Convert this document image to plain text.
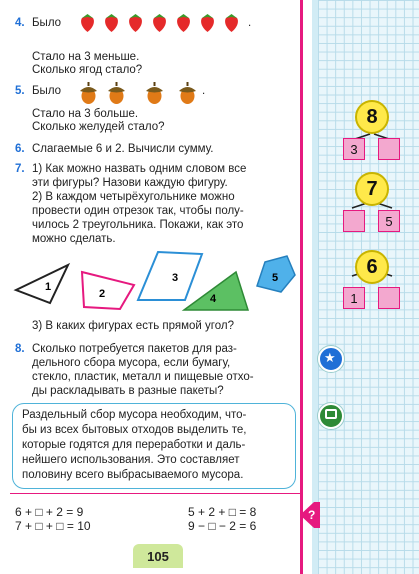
4. Было	.
Стало на 3 меньше.
Сколько ягод стало?
5. Было	.
Стало на 3 больше.
Сколько желудей стало?
6. Слагаемые 6 и 2. Вычисли сумму.
7. 1) Как можно назвать одним словом все
эти фигуры? Назови каждую фигуру.
2) В каждом четырёхугольнике можно
провести один отрезок так, чтобы полу-
чилось 2 треугольника. Покажи, как это
можно сделать.
1
2
3
4
5
3) В каких фигурах есть прямой угол?
8. Сколько потребуется пакетов для раз-
дельного сбора мусора, если бумагу,
стекло, пластик, металл и пищевые отхо-
ды раскладывать в разные пакеты?
Раздельный сбор мусора необходим, что-
бы из всех бытовых отходов выделить те,
которые годятся для переработки и даль-
нейшего использования. Это составляет
половину всего выбрасываемого мусора.
6 + □ + 2 = 9
7 + □ + □ = 10
5 + 2 + □ = 8
9 − □ − 2 = 6
?
★
8
3
7
5
6
1
105
